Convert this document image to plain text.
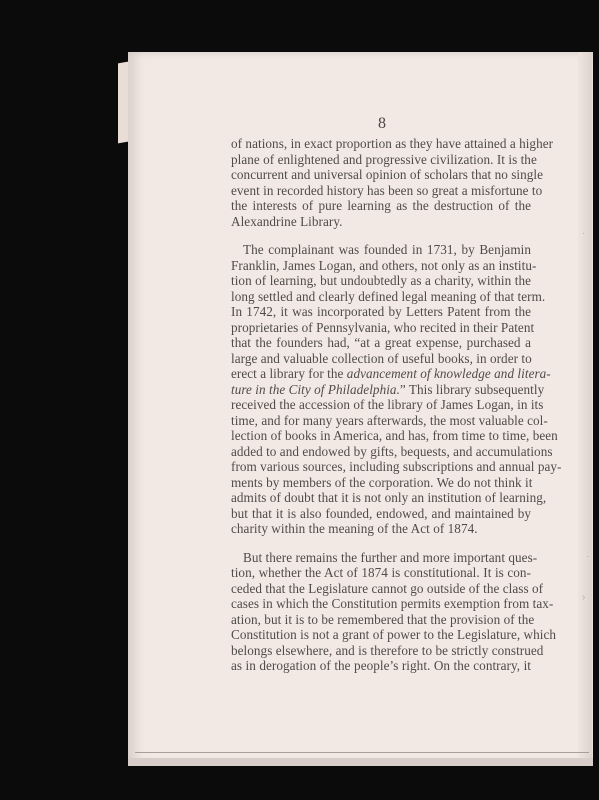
8
of nations, in exact proportion as they have attained a higher
plane of enlightened and progressive civilization. It is the
concurrent and universal opinion of scholars that no single
event in recorded history has been so great a misfortune to
the interests of pure learning as the destruction of the
Alexandrine Library.
The complainant was founded in 1731, by Benjamin
Franklin, James Logan, and others, not only as an institu-
tion of learning, but undoubtedly as a charity, within the
long settled and clearly defined legal meaning of that term.
In 1742, it was incorporated by Letters Patent from the
proprietaries of Pennsylvania, who recited in their Patent
that the founders had, “at a great expense, purchased a
large and valuable collection of useful books, in order to
erect a library for the advancement of knowledge and litera-
ture in the City of Philadelphia.” This library subsequently
received the accession of the library of James Logan, in its
time, and for many years afterwards, the most valuable col-
lection of books in America, and has, from time to time, been
added to and endowed by gifts, bequests, and accumulations
from various sources, including subscriptions and annual pay-
ments by members of the corporation. We do not think it
admits of doubt that it is not only an institution of learning,
but that it is also founded, endowed, and maintained by
charity within the meaning of the Act of 1874.
But there remains the further and more important ques-
tion, whether the Act of 1874 is constitutional. It is con-
ceded that the Legislature cannot go outside of the class of
cases in which the Constitution permits exemption from tax-
ation, but it is to be remembered that the provision of the
Constitution is not a grant of power to the Legislature, which
belongs elsewhere, and is therefore to be strictly construed
as in derogation of the people’s right. On the contrary, it
·
·
›
